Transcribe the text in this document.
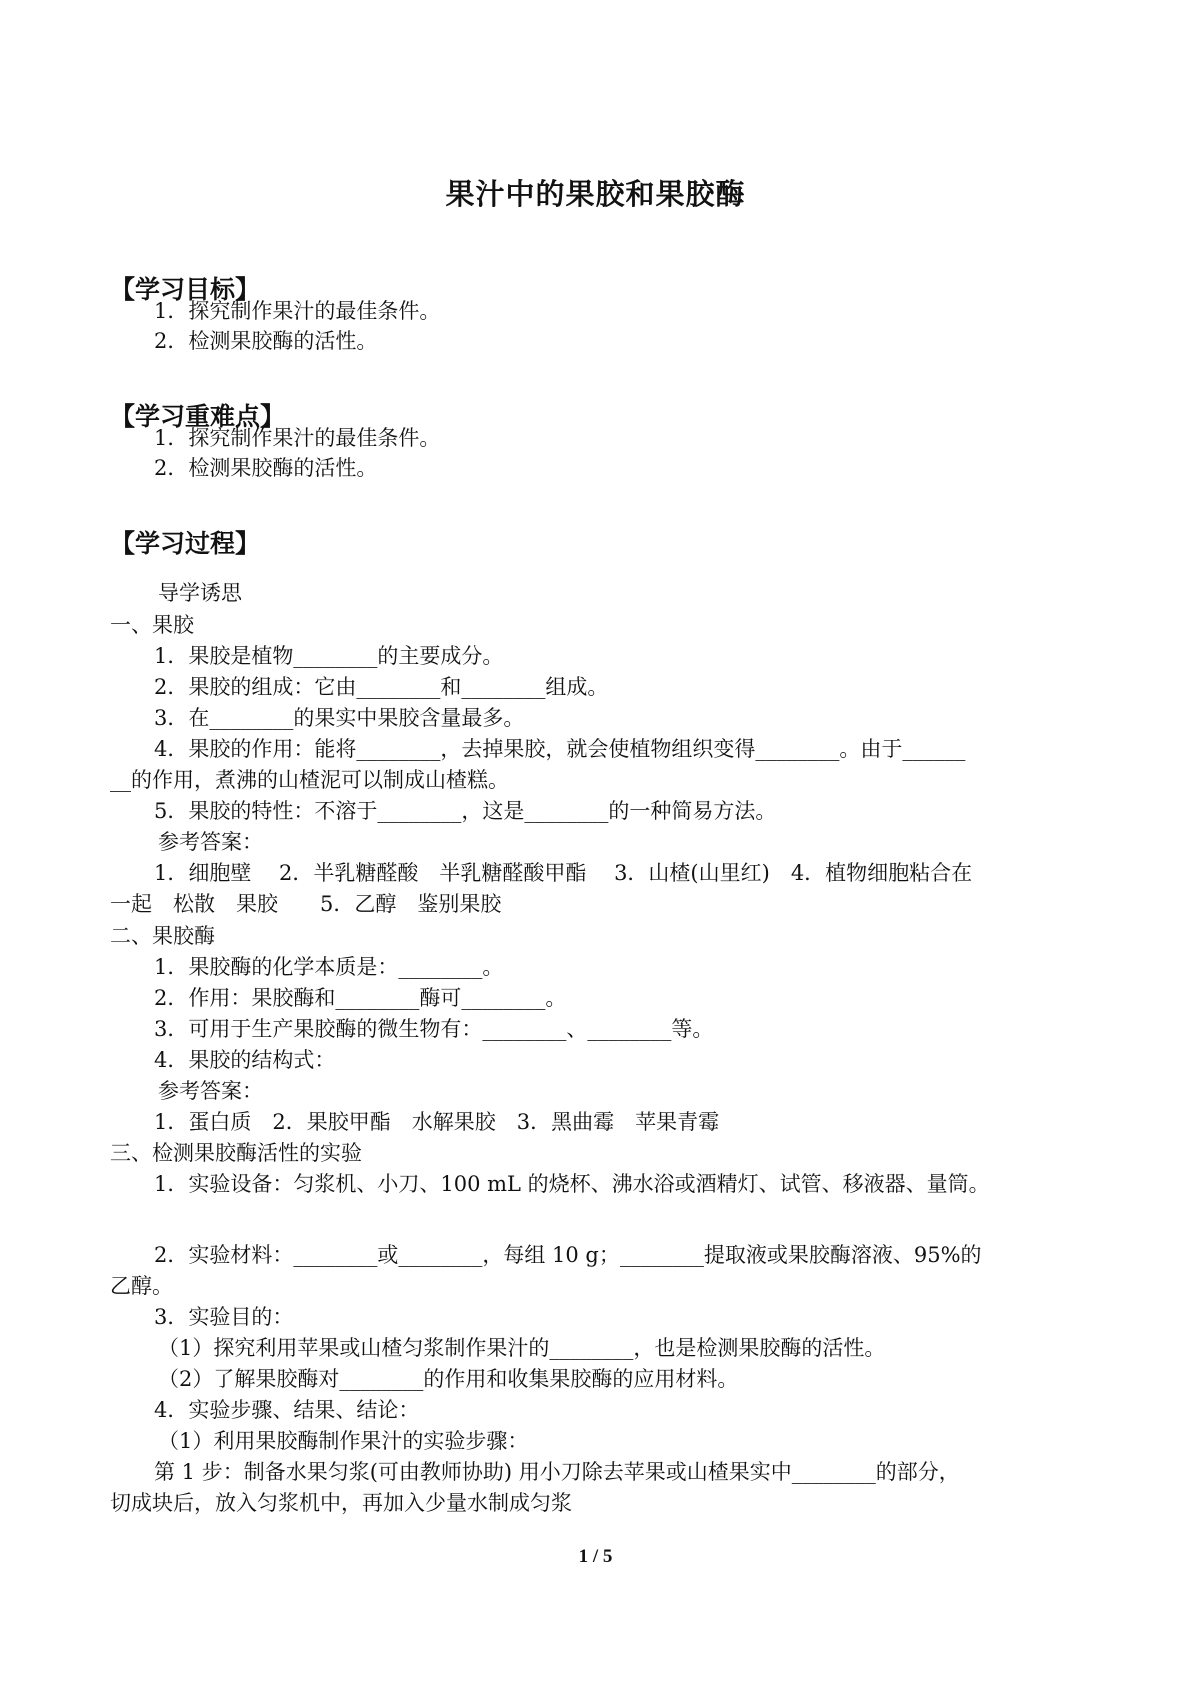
果汁中的果胶和果胶酶
【学习目标】
1．探究制作果汁的最佳条件。
2．检测果胶酶的活性。
【学习重难点】
1．探究制作果汁的最佳条件。
2．检测果胶酶的活性。
【学习过程】
导学诱思
一、果胶
1．果胶是植物________的主要成分。
2．果胶的组成：它由________和________组成。
3．在________的果实中果胶含量最多。
4．果胶的作用：能将________，去掉果胶，就会使植物组织变得________。由于______
__的作用，煮沸的山楂泥可以制成山楂糕。
5．果胶的特性：不溶于________，这是________的一种简易方法。
参考答案：
1．细胞壁　 2．半乳糖醛酸　半乳糖醛酸甲酯　 3．山楂(山里红)　4．植物细胞粘合在
一起　松散　果胶　　5．乙醇　鉴别果胶
二、果胶酶
1．果胶酶的化学本质是：________。
2．作用：果胶酶和________酶可________。
3．可用于生产果胶酶的微生物有：________、________等。
4．果胶的结构式：
参考答案：
1．蛋白质　2．果胶甲酯　水解果胶　3．黑曲霉　苹果青霉
三、检测果胶酶活性的实验
1．实验设备：匀浆机、小刀、100 mL 的烧杯、沸水浴或酒精灯、试管、移液器、量筒。
2．实验材料：________或________，每组 10 g；________提取液或果胶酶溶液、95%的
乙醇。
3．实验目的：
（1）探究利用苹果或山楂匀浆制作果汁的________，也是检测果胶酶的活性。
（2）了解果胶酶对________的作用和收集果胶酶的应用材料。
4．实验步骤、结果、结论：
（1）利用果胶酶制作果汁的实验步骤：
第 1 步：制备水果匀浆(可由教师协助) 用小刀除去苹果或山楂果实中________的部分，
切成块后，放入匀浆机中，再加入少量水制成匀浆
1 / 5
